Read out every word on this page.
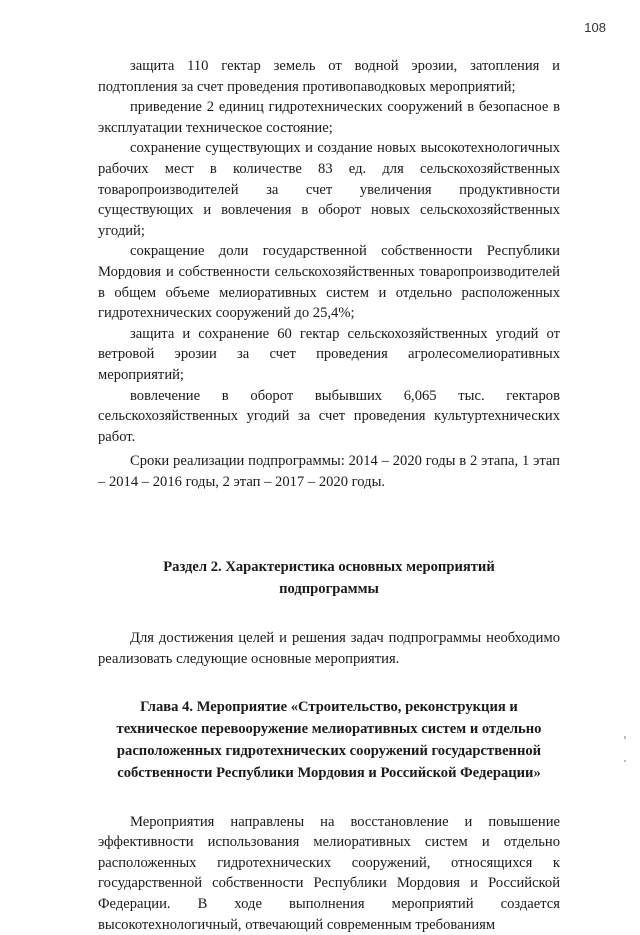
108

защита 110 гектар земель от водной эрозии, затопления и подтопления за счет проведения противопаводковых мероприятий;

приведение 2 единиц гидротехнических сооружений в безопасное в эксплуатации техническое состояние;

сохранение существующих и создание новых высокотехнологичных рабочих мест в количестве 83 ед. для сельскохозяйственных товаропроизводителей за счет увеличения продуктивности существующих и вовлечения в оборот новых сельскохозяйственных угодий;

сокращение доли государственной собственности Республики Мордовия и собственности сельскохозяйственных товаропроизводителей в общем объеме мелиоративных систем и отдельно расположенных гидротехнических сооружений до 25,4%;

защита и сохранение 60 гектар сельскохозяйственных угодий от ветровой эрозии за счет проведения агролесомелиоративных мероприятий;

вовлечение в оборот выбывших 6,065 тыс. гектаров сельскохозяйственных угодий за счет проведения культуртехнических работ.

Сроки реализации подпрограммы: 2014 – 2020 годы в 2 этапа, 1 этап – 2014 – 2016 годы, 2 этап – 2017 – 2020 годы.

Раздел 2. Характеристика основных мероприятий
подпрограммы

Для достижения целей и решения задач подпрограммы необходимо реализовать следующие основные мероприятия.

Глава 4. Мероприятие «Строительство, реконструкция и
техническое перевооружение мелиоративных систем и отдельно
расположенных гидротехнических сооружений государственной
собственности Республики Мордовия и Российской Федерации»

Мероприятия направлены на восстановление и повышение эффективности использования мелиоративных систем и отдельно расположенных гидротехнических сооружений, относящихся к государственной собственности Республики Мордовия и Российской Федерации. В ходе выполнения мероприятий создается высокотехнологичный, отвечающий современным требованиям
